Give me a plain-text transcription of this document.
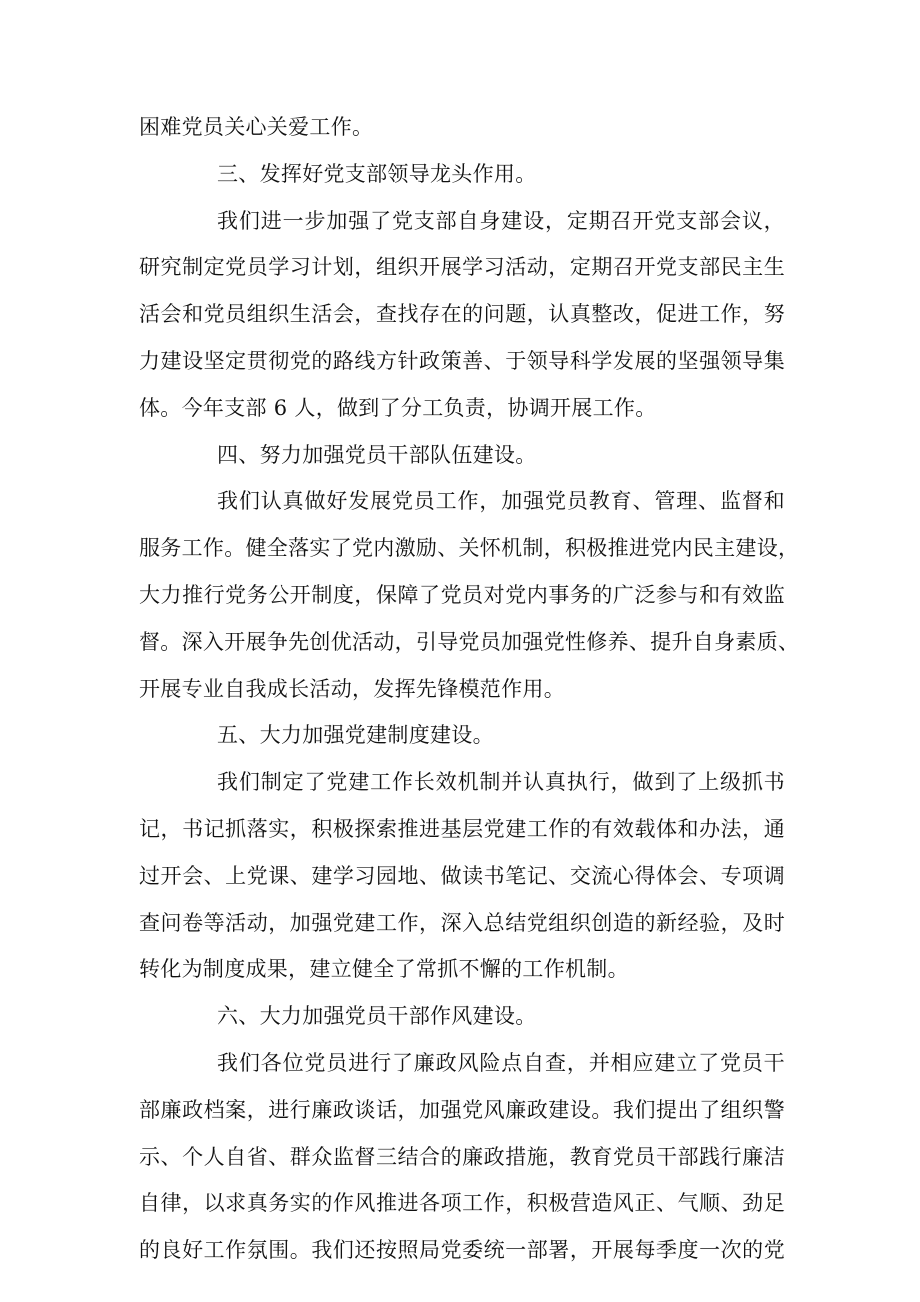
困难党员关心关爱工作。
三、发挥好党支部领导龙头作用。
我们进一步加强了党支部自身建设，定期召开党支部会议，
研究制定党员学习计划，组织开展学习活动，定期召开党支部民主生
活会和党员组织生活会，查找存在的问题，认真整改，促进工作，努
力建设坚定贯彻党的路线方针政策善、于领导科学发展的坚强领导集
体。今年支部 6 人，做到了分工负责，协调开展工作。
四、努力加强党员干部队伍建设。
我们认真做好发展党员工作，加强党员教育、管理、监督和
服务工作。健全落实了党内激励、关怀机制，积极推进党内民主建设，
大力推行党务公开制度，保障了党员对党内事务的广泛参与和有效监
督。深入开展争先创优活动，引导党员加强党性修养、提升自身素质、
开展专业自我成长活动，发挥先锋模范作用。
五、大力加强党建制度建设。
我们制定了党建工作长效机制并认真执行，做到了上级抓书
记，书记抓落实，积极探索推进基层党建工作的有效载体和办法，通
过开会、上党课、建学习园地、做读书笔记、交流心得体会、专项调
查问卷等活动，加强党建工作，深入总结党组织创造的新经验，及时
转化为制度成果，建立健全了常抓不懈的工作机制。
六、大力加强党员干部作风建设。
我们各位党员进行了廉政风险点自查，并相应建立了党员干
部廉政档案，进行廉政谈话，加强党风廉政建设。我们提出了组织警
示、个人自省、群众监督三结合的廉政措施，教育党员干部践行廉洁
自律，以求真务实的作风推进各项工作，积极营造风正、气顺、劲足
的良好工作氛围。我们还按照局党委统一部署，开展每季度一次的党
